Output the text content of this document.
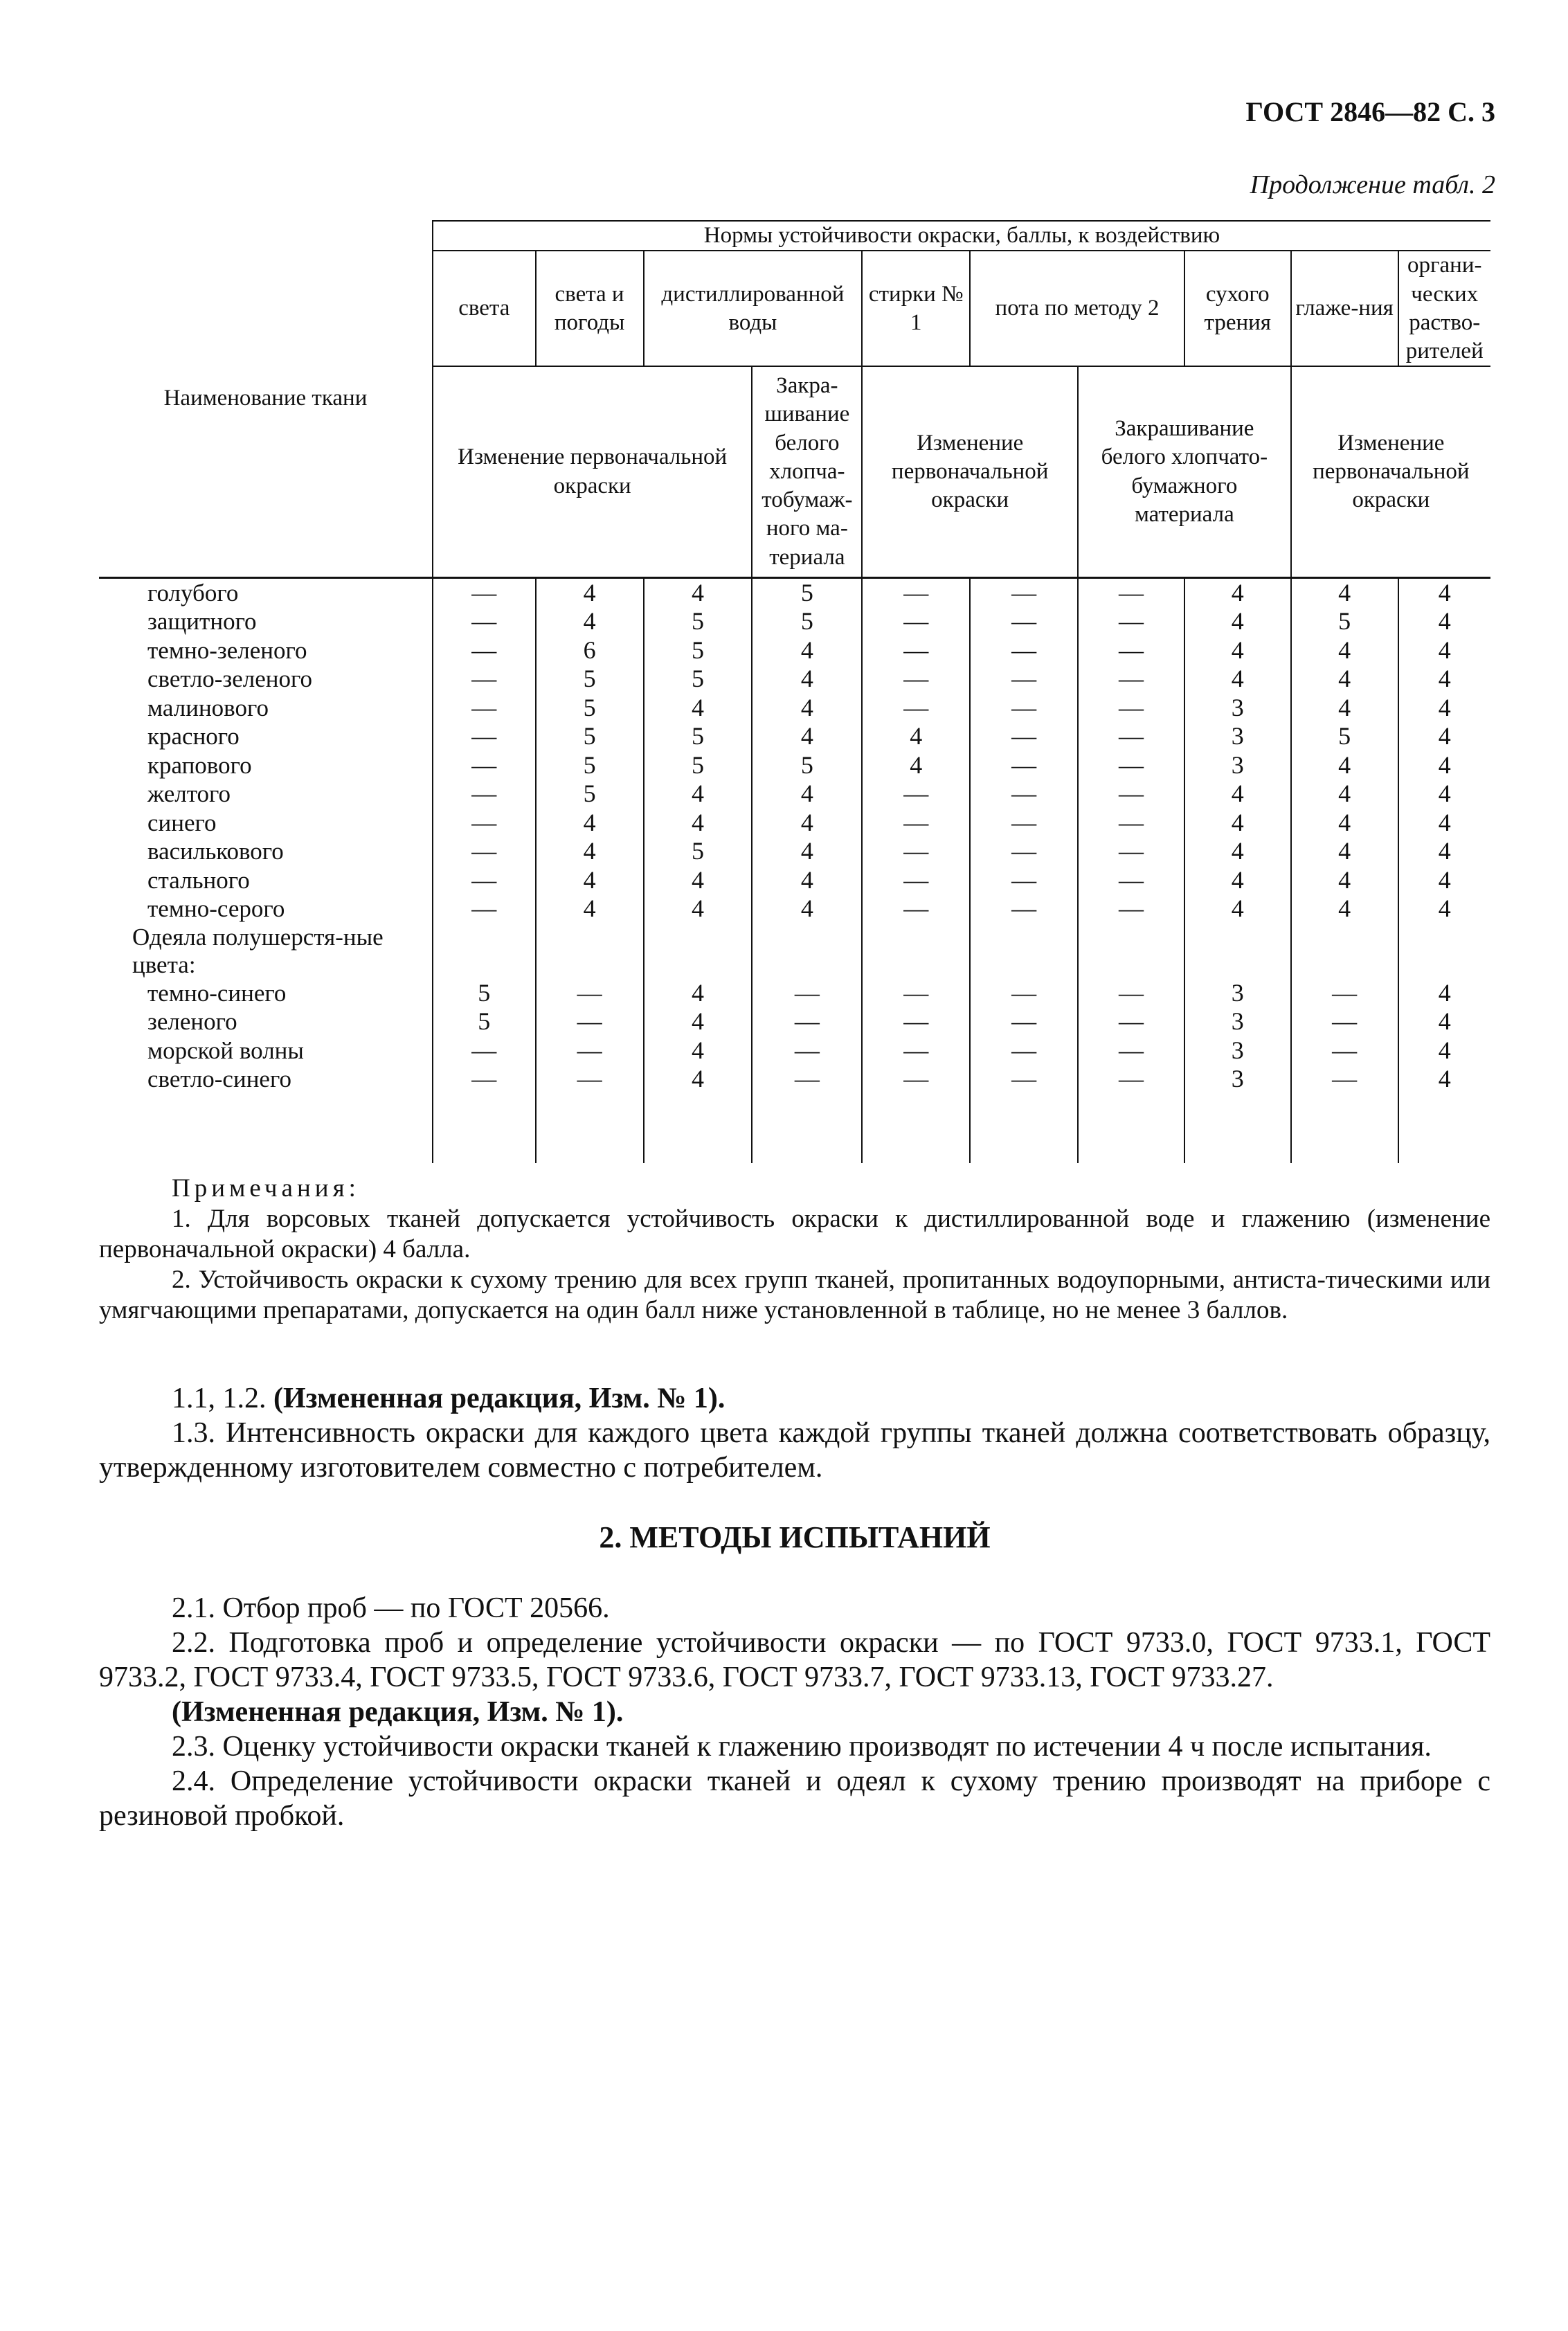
ГОСТ 2846—82 С. 3
Продолжение табл. 2
Наименование ткани	Нормы устойчивости окраски, баллы, к воздействию									
	света	света и погоды	дистиллированной воды		стирки № 1	пота по методу 2		сухого трения	глаже-ния	органи-ческих раство-рителей
	Изменение первоначальной окраски			Закра-шивание белого хлопча-тобумаж-ного ма-териала	Изменение первоначальной окраски		Закрашивание белого хлопчато-бумажного материала		Изменение первоначальной окраски	
голубого	—	4	4	5	—	—	—	4	4	4
защитного	—	4	5	5	—	—	—	4	5	4
темно-зеленого	—	6	5	4	—	—	—	4	4	4
светло-зеленого	—	5	5	4	—	—	—	4	4	4
малинового	—	5	4	4	—	—	—	3	4	4
красного	—	5	5	4	4	—	—	3	5	4
крапового	—	5	5	5	4	—	—	3	4	4
желтого	—	5	4	4	—	—	—	4	4	4
синего	—	4	4	4	—	—	—	4	4	4
василькового	—	4	5	4	—	—	—	4	4	4
стального	—	4	4	4	—	—	—	4	4	4
темно-серого	—	4	4	4	—	—	—	4	4	4
Одеяла полушерстя-ные цвета:										
темно-синего	5	—	4	—	—	—	—	3	—	4
зеленого	5	—	4	—	—	—	—	3	—	4
морской волны	—	—	4	—	—	—	—	3	—	4
светло-синего	—	—	4	—	—	—	—	3	—	4

Примечания:

1. Для ворсовых тканей допускается устойчивость окраски к дистиллированной воде и глажению (изменение первоначальной окраски) 4 балла.

2. Устойчивость окраски к сухому трению для всех групп тканей, пропитанных водоупорными, антиста-тическими или умягчающими препаратами, допускается на один балл ниже установленной в таблице, но не менее 3 баллов.

1.1, 1.2. (Измененная редакция, Изм. № 1).

1.3. Интенсивность окраски для каждого цвета каждой группы тканей должна соответствовать образцу, утвержденному изготовителем совместно с потребителем.

2. МЕТОДЫ ИСПЫТАНИЙ

2.1. Отбор проб — по ГОСТ 20566.

2.2. Подготовка проб и определение устойчивости окраски — по ГОСТ 9733.0, ГОСТ 9733.1, ГОСТ 9733.2, ГОСТ 9733.4, ГОСТ 9733.5, ГОСТ 9733.6, ГОСТ 9733.7, ГОСТ 9733.13, ГОСТ 9733.27.

(Измененная редакция, Изм. № 1).

2.3. Оценку устойчивости окраски тканей к глажению производят по истечении 4 ч после испытания.

2.4. Определение устойчивости окраски тканей и одеял к сухому трению производят на приборе с резиновой пробкой.
